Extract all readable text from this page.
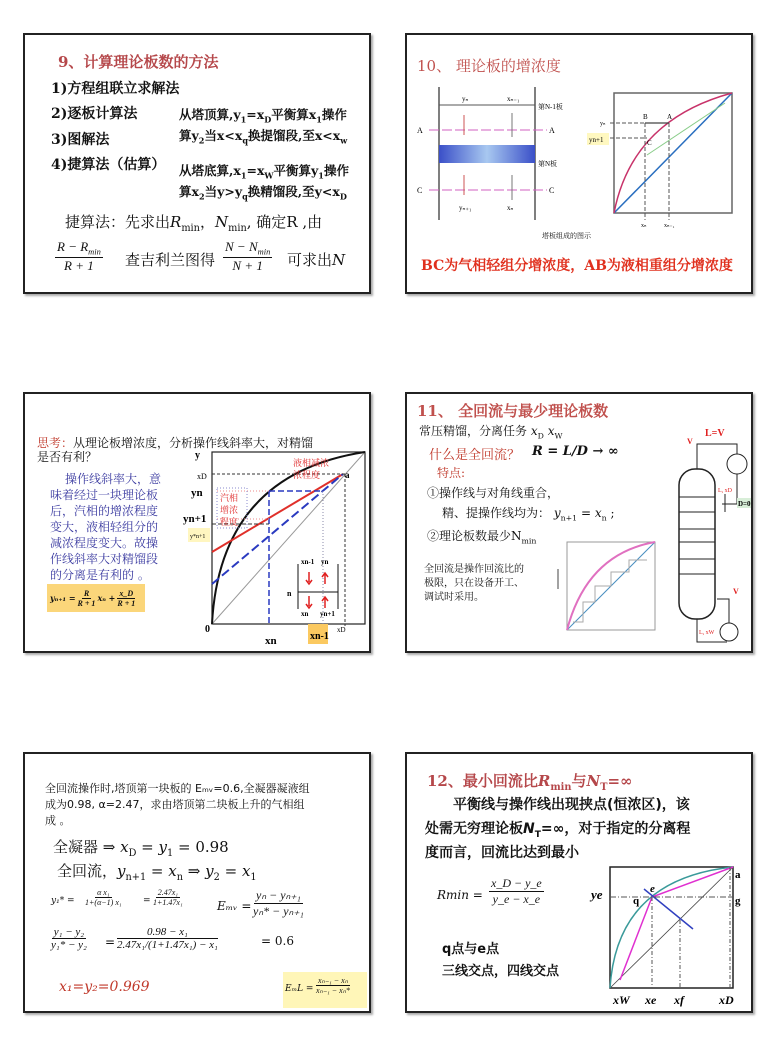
9、计算理论板数的方法
1)方程组联立求解法
2)逐板计算法
3)图解法
4)捷算法（估算）
从塔顶算$,y_1=x_D$平衡算$x_1$操作
算$y_2$当$x<x_q$换提馏段,至$x<x_w$
从塔底算$,x_1=x_W$平衡算$y_1$操作
算$x_2$当$y>y_q$换精馏段,至$y<x_D$
捷算法：先求出$R_{min}$，$N_{min}$, 确定R ,由
$R - R_{min}$
R + 1 查吉利兰图得
$N - N_{min}$
N + 1 可求出N
10、 理论板的增浓度
yₙ	xₙ₋₁
第N-1板
第N板
A	A
C	C
yₙ₊₁	xₙ
B	A
C
yₙ
yn+1
xₙ	xₙ₋₁
塔板组成的图示
BC为气相轻组分增浓度，AB为液相重组分增浓度
思考：从理论板增浓度，分析操作线斜率大，对精馏
是否有利？
操作线斜率大，意
味着经过一块理论板
后，汽相的增浓程度
变大，液相轻组分的
减浓程度变大。故操
作线斜率大对精馏段
的分离是有利的 。
$y_{n+1} = \frac{R}{R + 1}$ $x_n + \frac{x\_D}{R + 1}$
y
xD
yn
yn+1
y*n+1
0
xn	xn-1
xD
a
液相减浓
浓程度
汽相
增浓
程度
xn-1 yn
n
xn yn+1
11、 全回流与最少理论板数
常压精馏，分离任务 $x_D$ $x_W$
什么是全回流？ R = L/D → ∞
特点:
①操作线与对角线重合，
精、提操作线均为： $y_{n+1} = x_n$ ;
②理论板数最少$N_{min}$
全回流是操作回流比的
极限，只在设备开工、
调试时采用。
L=V
V
L, xD
D=0
V
L, xW
全回流操作时,塔顶第一块板的 Eₘᵥ=0.6,全凝器凝液组
成为0.98, α=2.47，求由塔顶第二块板上升的气相组
成 。
全凝器 ⇒ $x_D = y_1 = 0.98$
全回流，$y_{n+1} = x_n$ ⇒ $y_2 = x_1$
$y_1* = \frac{\text{α x₁}}{\text{1+(α−1) x₁}} = \frac{\text{2.47x₁}}{\text{1+1.47x₁}}$	Eₘᵥ = $\frac{\text{yₙ − yₙ₊₁}}{\text{yₙ* − yₙ₊₁}}$
$\frac{\text{y₁ − y₂}}{\text{y₁* − y₂}} = \frac{\text{0.98 − x₁}}{\text{2.47x₁/(1+1.47x₁) − x₁}}$	= 0.6
x₁=y₂=0.969	$E_mL = \frac{\text{xₙ₋₁ − xₙ}}{\text{xₙ₋₁ − xₙ*}}$
12、最小回流比$R_{min}$与$N_T=\infty$
　　平衡线与操作线出现挟点(恒浓区)，该
处需无穷理论板$N_T=\infty$，对于指定的分离程
度而言，回流比达到最小
$Rmin = \frac{x\_D - y\_e}{y\_e - x\_e}$
q点与e点
三线交点，四线交点
ye	q
e
a
g
xW xe xf	xD
